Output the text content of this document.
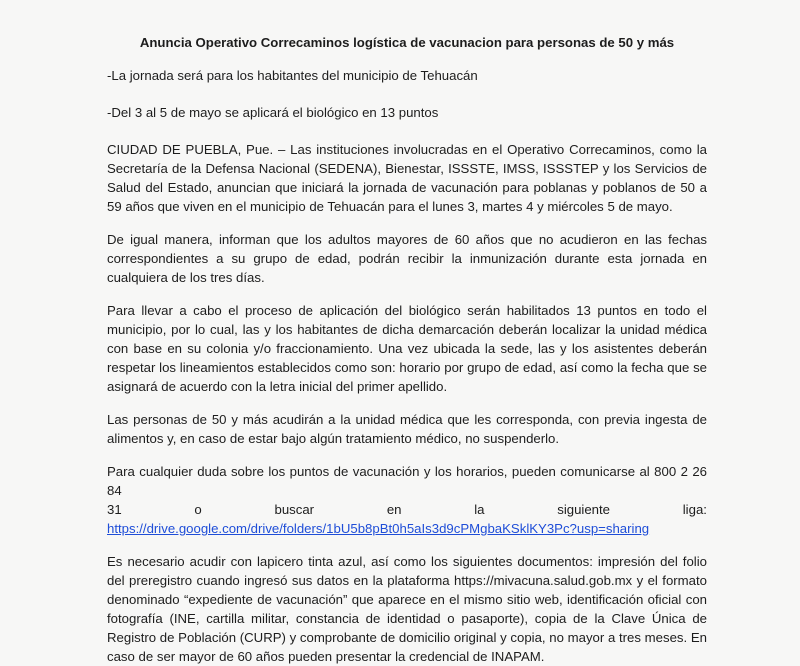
Anuncia Operativo Correcaminos logística de vacunacion para personas de 50 y más

-La jornada será para los habitantes del municipio de Tehuacán

-Del 3 al 5 de mayo se aplicará el biológico en 13 puntos

CIUDAD DE PUEBLA, Pue. – Las instituciones involucradas en el Operativo Correcaminos, como la Secretaría de la Defensa Nacional (SEDENA), Bienestar, ISSSTE, IMSS, ISSSTEP y los Servicios de Salud del Estado, anuncian que iniciará la jornada de vacunación para poblanas y poblanos de 50 a 59 años que viven en el municipio de Tehuacán para el lunes 3, martes 4 y miércoles 5 de mayo.

De igual manera, informan que los adultos mayores de 60 años que no acudieron en las fechas correspondientes a su grupo de edad, podrán recibir la inmunización durante esta jornada en cualquiera de los tres días.

Para llevar a cabo el proceso de aplicación del biológico serán habilitados 13 puntos en todo el municipio, por lo cual, las y los habitantes de dicha demarcación deberán localizar la unidad médica con base en su colonia y/o fraccionamiento. Una vez ubicada la sede, las y los asistentes deberán respetar los lineamientos establecidos como son: horario por grupo de edad, así como la fecha que se asignará de acuerdo con la letra inicial del primer apellido.

Las personas de 50 y más acudirán a la unidad médica que les corresponda, con previa ingesta de alimentos y, en caso de estar bajo algún tratamiento médico, no suspenderlo.

Para cualquier duda sobre los puntos de vacunación y los horarios, pueden comunicarse al 800 2 26 84

31	o	buscar	en	la	siguiente	liga:
https://drive.google.com/drive/folders/1bU5b8pBt0h5aIs3d9cPMgbaKSklKY3Pc?usp=sharing

Es necesario acudir con lapicero tinta azul, así como los siguientes documentos: impresión del folio del preregistro cuando ingresó sus datos en la plataforma https://mivacuna.salud.gob.mx y el formato denominado “expediente de vacunación” que aparece en el mismo sitio web, identificación oficial con fotografía (INE, cartilla militar, constancia de identidad o pasaporte), copia de la Clave Única de Registro de Población (CURP) y comprobante de domicilio original y copia, no mayor a tres meses. En caso de ser mayor de 60 años pueden presentar la credencial de INAPAM.
